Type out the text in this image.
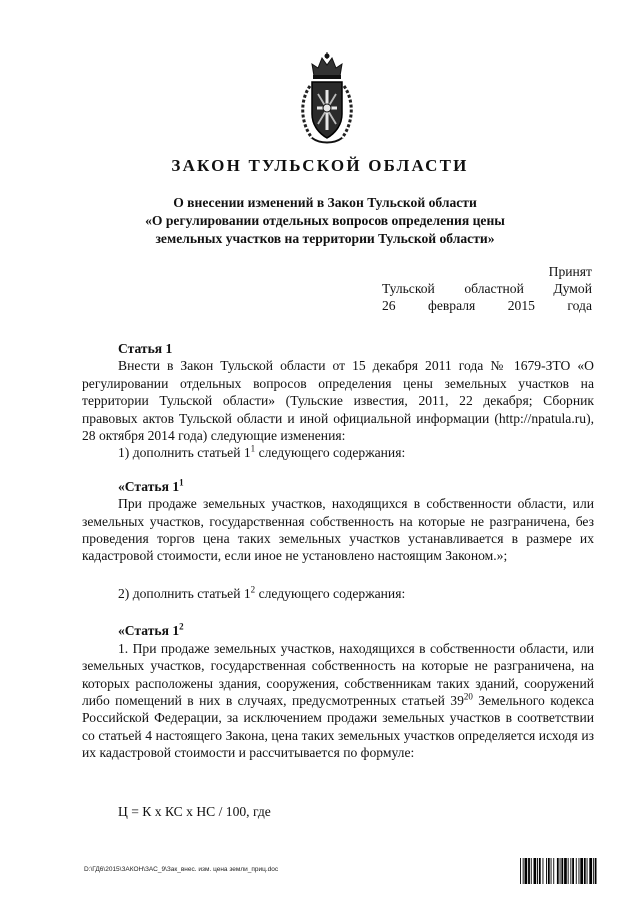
ЗАКОН ТУЛЬСКОЙ ОБЛАСТИ
О внесении изменений в Закон Тульской области
«О регулировании отдельных вопросов определения цены
земельных участков на территории Тульской области»
Принят
Тульской областной Думой
26 февраля 2015 года

Статья 1

Внести в Закон Тульской области от 15 декабря 2011 года № 1679-ЗТО «О регулировании отдельных вопросов определения цены земельных участков на территории Тульской области» (Тульские известия, 2011, 22 декабря; Сборник правовых актов Тульской области и иной официальной информации (http://npatula.ru), 28 октября 2014 года) следующие изменения:

1) дополнить статьей $1^1$ следующего содержания:

«Статья $1^1$

При продаже земельных участков, находящихся в собственности области, или земельных участков, государственная собственность на которые не разграничена, без проведения торгов цена таких земельных участков устанавливается в размере их кадастровой стоимости, если иное не установлено настоящим Законом.»;

2) дополнить статьей $1^2$ следующего содержания:

«Статья $1^2$

1. При продаже земельных участков, находящихся в собственности области, или земельных участков, государственная собственность на которые не разграничена, на которых расположены здания, сооружения, собственникам таких зданий, сооружений либо помещений в них в случаях, предусмотренных статьей $39^{20}$ Земельного кодекса Российской Федерации, за исключением продажи земельных участков в соответствии со статьей 4 настоящего Закона, цена таких земельных участков определяется исходя из их кадастровой стоимости и рассчитывается по формуле:

Ц = К х КС х НС / 100, где
D:\ГД6\2015\ЗАКОН\ЗАС_9\Зак_внес. изм. цена земли_приц.doc
